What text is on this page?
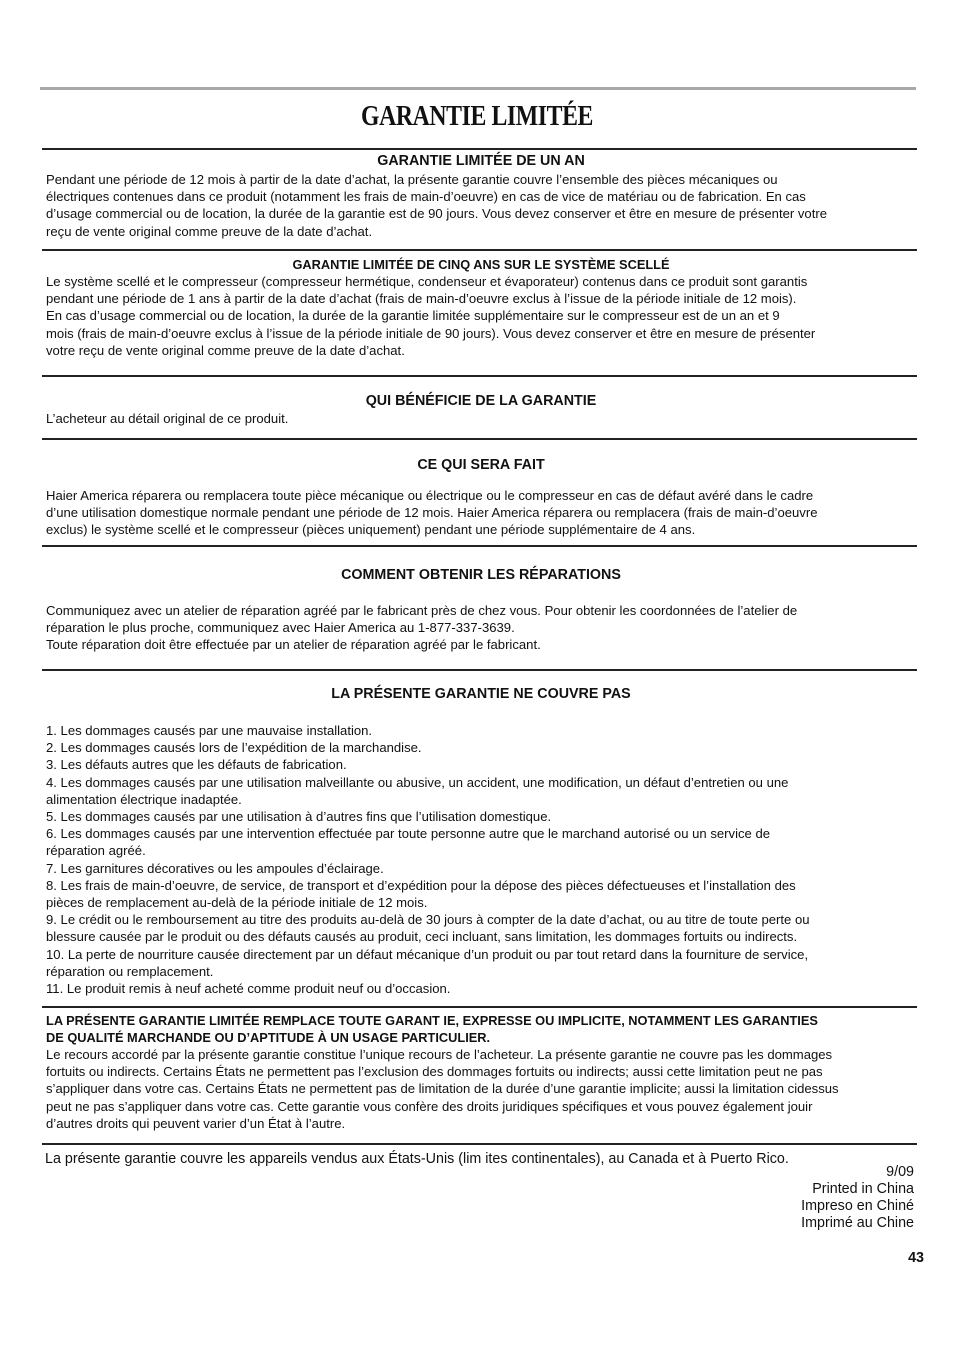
GARANTIE LIMITÉE
GARANTIE LIMITÉE DE UN AN

Pendant une période de 12 mois à partir de la date d’achat, la présente garantie couvre l’ensemble des pièces mécaniques ou

électriques contenues dans ce produit (notamment les frais de main-d’oeuvre) en cas de vice de matériau ou de fabrication. En cas

d’usage commercial ou de location, la durée de la garantie est de 90 jours. Vous devez conserver et être en mesure de présenter votre

reçu de vente original comme preuve de la date d’achat.

GARANTIE LIMITÉE DE CINQ ANS SUR LE SYSTÈME SCELLÉ

Le système scellé et le compresseur (compresseur hermétique, condenseur et évaporateur) contenus dans ce produit sont garantis

pendant une période de 1 ans à partir de la date d’achat (frais de main-d’oeuvre exclus à l’issue de la période initiale de 12 mois).

En cas d’usage commercial ou de location, la durée de la garantie limitée supplémentaire sur le compresseur est de un an et 9

mois (frais de main-d’oeuvre exclus à l’issue de la période initiale de 90 jours). Vous devez conserver et être en mesure de présenter

votre reçu de vente original comme preuve de la date d’achat.

QUI BÉNÉFICIE DE LA GARANTIE

L’acheteur au détail original de ce produit.

CE QUI SERA FAIT

Haier America réparera ou remplacera toute pièce mécanique ou électrique ou le compresseur en cas de défaut avéré dans le cadre

d’une utilisation domestique normale pendant une période de 12 mois. Haier America réparera ou remplacera (frais de main-d’oeuvre

exclus) le système scellé et le compresseur (pièces uniquement) pendant une période supplémentaire de 4 ans.

COMMENT OBTENIR LES RÉPARATIONS

Communiquez avec un atelier de réparation agréé par le fabricant près de chez vous. Pour obtenir les coordonnées de l’atelier de

réparation le plus proche, communiquez avec Haier America au 1-877-337-3639.

Toute réparation doit être effectuée par un atelier de réparation agréé par le fabricant.

LA PRÉSENTE GARANTIE NE COUVRE PAS

1. Les dommages causés par une mauvaise installation.

2. Les dommages causés lors de l’expédition de la marchandise.

3. Les défauts autres que les défauts de fabrication.

4. Les dommages causés par une utilisation malveillante ou abusive, un accident, une modification, un défaut d’entretien ou une

alimentation électrique inadaptée.

5. Les dommages causés par une utilisation à d’autres fins que l’utilisation domestique.

6. Les dommages causés par une intervention effectuée par toute personne autre que le marchand autorisé ou un service de

réparation agréé.

7. Les garnitures décoratives ou les ampoules d’éclairage.

8. Les frais de main-d’oeuvre, de service, de transport et d’expédition pour la dépose des pièces défectueuses et l’installation des

pièces de remplacement au-delà de la période initiale de 12 mois.

9. Le crédit ou le remboursement au titre des produits au-delà de 30 jours à compter de la date d’achat, ou au titre de toute perte ou

blessure causée par le produit ou des défauts causés au produit, ceci incluant, sans limitation, les dommages fortuits ou indirects.

10. La perte de nourriture causée directement par un défaut mécanique d’un produit ou par tout retard dans la fourniture de service,

réparation ou remplacement.

11. Le produit remis à neuf acheté comme produit neuf ou d’occasion.

LA PRÉSENTE GARANTIE LIMITÉE REMPLACE TOUTE GARANT IE, EXPRESSE OU IMPLICITE, NOTAMMENT LES GARANTIES

DE QUALITÉ MARCHANDE OU D’APTITUDE À UN USAGE PARTICULIER.

Le recours accordé par la présente garantie constitue l’unique recours de l’acheteur. La présente garantie ne couvre pas les dommages

fortuits ou indirects. Certains États ne permettent pas l’exclusion des dommages fortuits ou indirects; aussi cette limitation peut ne pas

s’appliquer dans votre cas. Certains États ne permettent pas de limitation de la durée d’une garantie implicite; aussi la limitation cidessus

peut ne pas s’appliquer dans votre cas. Cette garantie vous confère des droits juridiques spécifiques et vous pouvez également jouir

d’autres droits qui peuvent varier d’un État à l’autre.

La présente garantie couvre les appareils vendus aux États-Unis (lim ites continentales), au Canada et à Puerto Rico.
9/09
Printed in China
Impreso en Chiné
Imprimé au Chine
43
